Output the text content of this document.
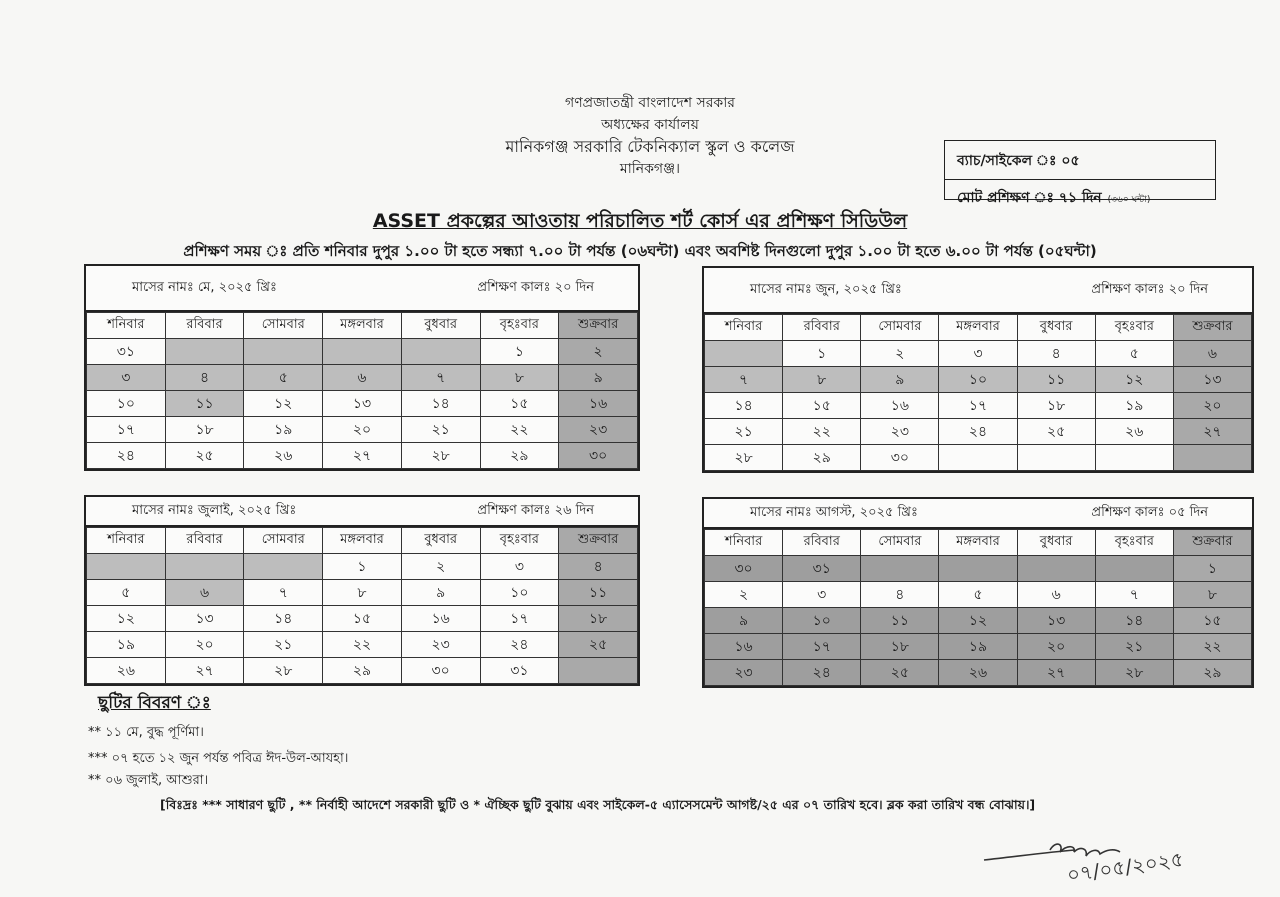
গণপ্রজাতন্ত্রী বাংলাদেশ সরকার
অধ্যক্ষের কার্যালয়
মানিকগঞ্জ সরকারি টেকনিক্যাল স্কুল ও কলেজ
মানিকগঞ্জ।	ব্যাচ/সাইকেল ঃ ০৫
মোট প্রশিক্ষণ ঃ ৭১ দিন (৩৬০ ঘন্টা)
ASSET প্রকল্পের আওতায় পরিচালিত শর্ট কোর্স এর প্রশিক্ষণ সিডিউল
প্রশিক্ষণ সময় ঃ প্রতি শনিবার দুপুর ১.০০ টা হতে সন্ধ্যা ৭.০০ টা পর্যন্ত (০৬ঘন্টা) এবং অবশিষ্ট দিনগুলো দুপুর ১.০০ টা হতে ৬.০০ টা পর্যন্ত (০৫ঘন্টা)
মাসের নামঃ মে, ২০২৫ খ্রিঃ	প্রশিক্ষণ কালঃ ২০ দিন
শনিবার	রবিবার	সোমবার	মঙ্গলবার	বুধবার	বৃহঃবার	শুক্রবার
৩১					১	২
৩	৪	৫	৬	৭	৮	৯
১০	১১	১২	১৩	১৪	১৫	১৬
১৭	১৮	১৯	২০	২১	২২	২৩
২৪	২৫	২৬	২৭	২৮	২৯	৩০
মাসের নামঃ জুন, ২০২৫ খ্রিঃ	প্রশিক্ষণ কালঃ ২০ দিন
শনিবার	রবিবার	সোমবার	মঙ্গলবার	বুধবার	বৃহঃবার	শুক্রবার
	১	২	৩	৪	৫	৬
৭	৮	৯	১০	১১	১২	১৩
১৪	১৫	১৬	১৭	১৮	১৯	২০
২১	২২	২৩	২৪	২৫	২৬	২৭
২৮	২৯	৩০				
মাসের নামঃ জুলাই, ২০২৫ খ্রিঃ	প্রশিক্ষণ কালঃ ২৬ দিন
শনিবার	রবিবার	সোমবার	মঙ্গলবার	বুধবার	বৃহঃবার	শুক্রবার
			১	২	৩	৪
৫	৬	৭	৮	৯	১০	১১
১২	১৩	১৪	১৫	১৬	১৭	১৮
১৯	২০	২১	২২	২৩	২৪	২৫
২৬	২৭	২৮	২৯	৩০	৩১	
মাসের নামঃ আগস্ট, ২০২৫ খ্রিঃ	প্রশিক্ষণ কালঃ ০৫ দিন
শনিবার	রবিবার	সোমবার	মঙ্গলবার	বুধবার	বৃহঃবার	শুক্রবার
৩০	৩১					১
২	৩	৪	৫	৬	৭	৮
৯	১০	১১	১২	১৩	১৪	১৫
১৬	১৭	১৮	১৯	২০	২১	২২
২৩	২৪	২৫	২৬	২৭	২৮	২৯
ছুটির বিবরণ ঃ
** ১১ মে, বুদ্ধ পূর্ণিমা।
*** ০৭ হতে ১২ জুন পর্যন্ত পবিত্র ঈদ-উল-আযহা।
** ০৬ জুলাই, আশুরা।
[বিঃদ্রঃ *** সাধারণ ছুটি , ** নির্বাহী আদেশে সরকারী ছুটি ও * ঐচ্ছিক ছুটি বুঝায় এবং সাইকেল-৫ এ্যাসেসমেন্ট আগষ্ট/২৫ এর ০৭ তারিখ হবে। ব্লক করা তারিখ বন্ধ বোঝায়।]
০৭/০৫/২০২৫
